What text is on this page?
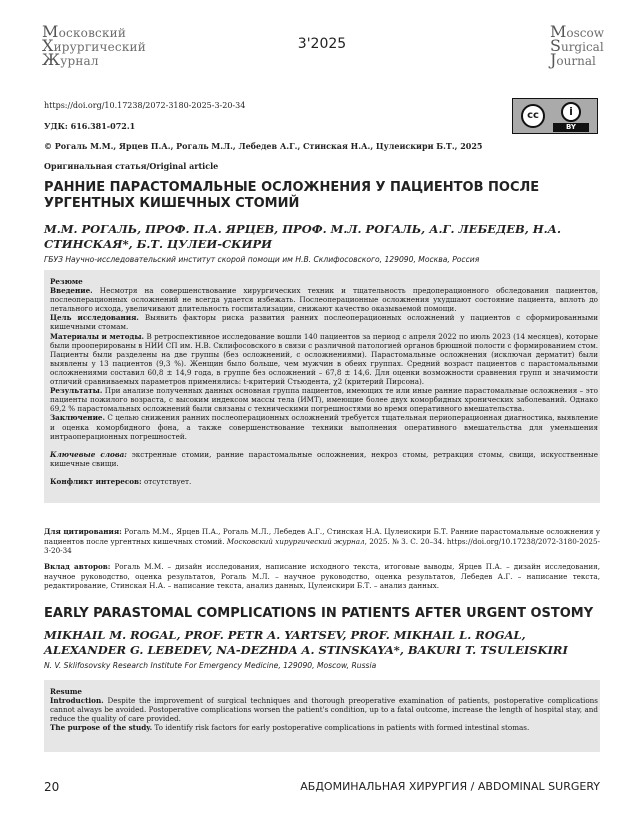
Московский
Хирургический
Журнал
3'2025
Moscow
Surgical
Journal
https://doi.org/10.17238/2072-3180-2025-3-20-34
УДК: 616.381-072.1
© Рогаль М.М., Ярцев П.А., Рогаль М.Л., Лебедев А.Г., Стинская Н.А., Цулеискири Б.Т., 2025
Оригинальная статья/Original article
cc	i
BY
РАННИЕ ПАРАСТОМАЛЬНЫЕ ОСЛОЖНЕНИЯ У ПАЦИЕНТОВ ПОСЛЕ УРГЕНТНЫХ КИШЕЧНЫХ СТОМИЙ
М.М. РОГАЛЬ, ПРОФ. П.А. ЯРЦЕВ, ПРОФ. М.Л. РОГАЛЬ, А.Г. ЛЕБЕДЕВ, Н.А. СТИНСКАЯ*, Б.Т. ЦУЛЕИ-СКИРИ
ГБУЗ Научно-исследовательский институт скорой помощи им Н.В. Склифосовского, 129090, Москва, Россия

Резюме

Введение. Несмотря на совершенствование хирургических техник и тщательность предоперационного обследования пациентов, послеоперационных осложнений не всегда удается избежать. Послеоперационные осложнения ухудшают состояние пациента, вплоть до летального исхода, увеличивают длительность госпитализации, снижают качество оказываемой помощи.

Цель исследования. Выявить факторы риска развития ранних послеоперационных осложнений у пациентов с сформированными кишечными стомам.

Материалы и методы. В ретроспективное исследование вошли 140 пациентов за период с апреля 2022 по июль 2023 (14 месяцев), которые были прооперированы в НИИ СП им. Н.В. Склифосовского в связи с различной патологией органов брюшной полости с формированием стом. Пациенты были разделены на две группы (без осложнений, с осложнениями). Парастомальные осложнения (исключая дерматит) были выявлены у 13 пациентов (9,3 %). Женщин было больше, чем мужчин в обеих группах. Средний возраст пациентов с парастомальными осложнениями составил 60,8 ± 14,9 года, в группе без осложнений – 67,8 ± 14,6. Для оценки возможности сравнения групп и значимости отличий сравниваемых параметров применялись: t-критерий Стьюдента, χ2 (критерий Пирсона).

Результаты. При анализе полученных данных основная группа пациентов, имеющих те или иные ранние парастомальные осложнения – это пациенты пожилого возраста, с высоким индексом массы тела (ИМТ), имеющие более двух коморбидных хронических заболеваний. Однако 69,2 % парастомальных осложнений были связаны с техническими погрешностями во время оперативного вмешательства.

Заключение. С целью снижения ранних послеоперационных осложнений требуется тщательная периоперационная диагностика, выявление и оценка коморбидного фона, а также совершенствование техники выполнения оперативного вмешательства для уменьшения интраоперационных погрешностей.

Ключевые слова: экстренные стомии, ранние парастомальные осложнения, некроз стомы, ретракция стомы, свищи, искусственные кишечные свищи.

Конфликт интересов: отсутствует.

Для цитирования: Рогаль М.М., Ярцев П.А., Рогаль М.Л., Лебедев А.Г., Стинская Н.А. Цулеискири Б.Т. Ранние парастомальные осложнения у пациентов после ургентных кишечных стомий. Московский хирургический журнал, 2025. № 3. С. 20–34. https://doi.org/10.17238/2072-3180-2025-3-20-34
Вклад авторов: Рогаль М.М. – дизайн исследования, написание исходного текста, итоговые выводы, Ярцев П.А. – дизайн исследования, научное руководство, оценка результатов, Рогаль М.Л. – научное руководство, оценка результатов, Лебедев А.Г. – написание текста, редактирование, Стинская Н.А. – написание текста, анализ данных, Цулеискири Б.Т. – анализ данных.
EARLY PARASTOMAL COMPLICATIONS IN PATIENTS AFTER URGENT OSTOMY
MIKHAIL M. ROGAL, PROF. PETR A. YARTSEV, PROF. MIKHAIL L. ROGAL, ALEXANDER G. LEBEDEV, NA-DEZHDA A. STINSKAYA*, BAKURI T. TSULEISKIRI
N. V. Sklifosovsky Research Institute For Emergency Medicine, 129090, Moscow, Russia

Resume

Introduction. Despite the improvement of surgical techniques and thorough preoperative examination of patients, postoperative complications cannot always be avoided. Postoperative complications worsen the patient's condition, up to a fatal outcome, increase the length of hospital stay, and reduce the quality of care provided.

The purpose of the study. To identify risk factors for early postoperative complications in patients with formed intestinal stomas.

20	АБДОМИНАЛЬНАЯ ХИРУРГИЯ / ABDOMINAL SURGERY
